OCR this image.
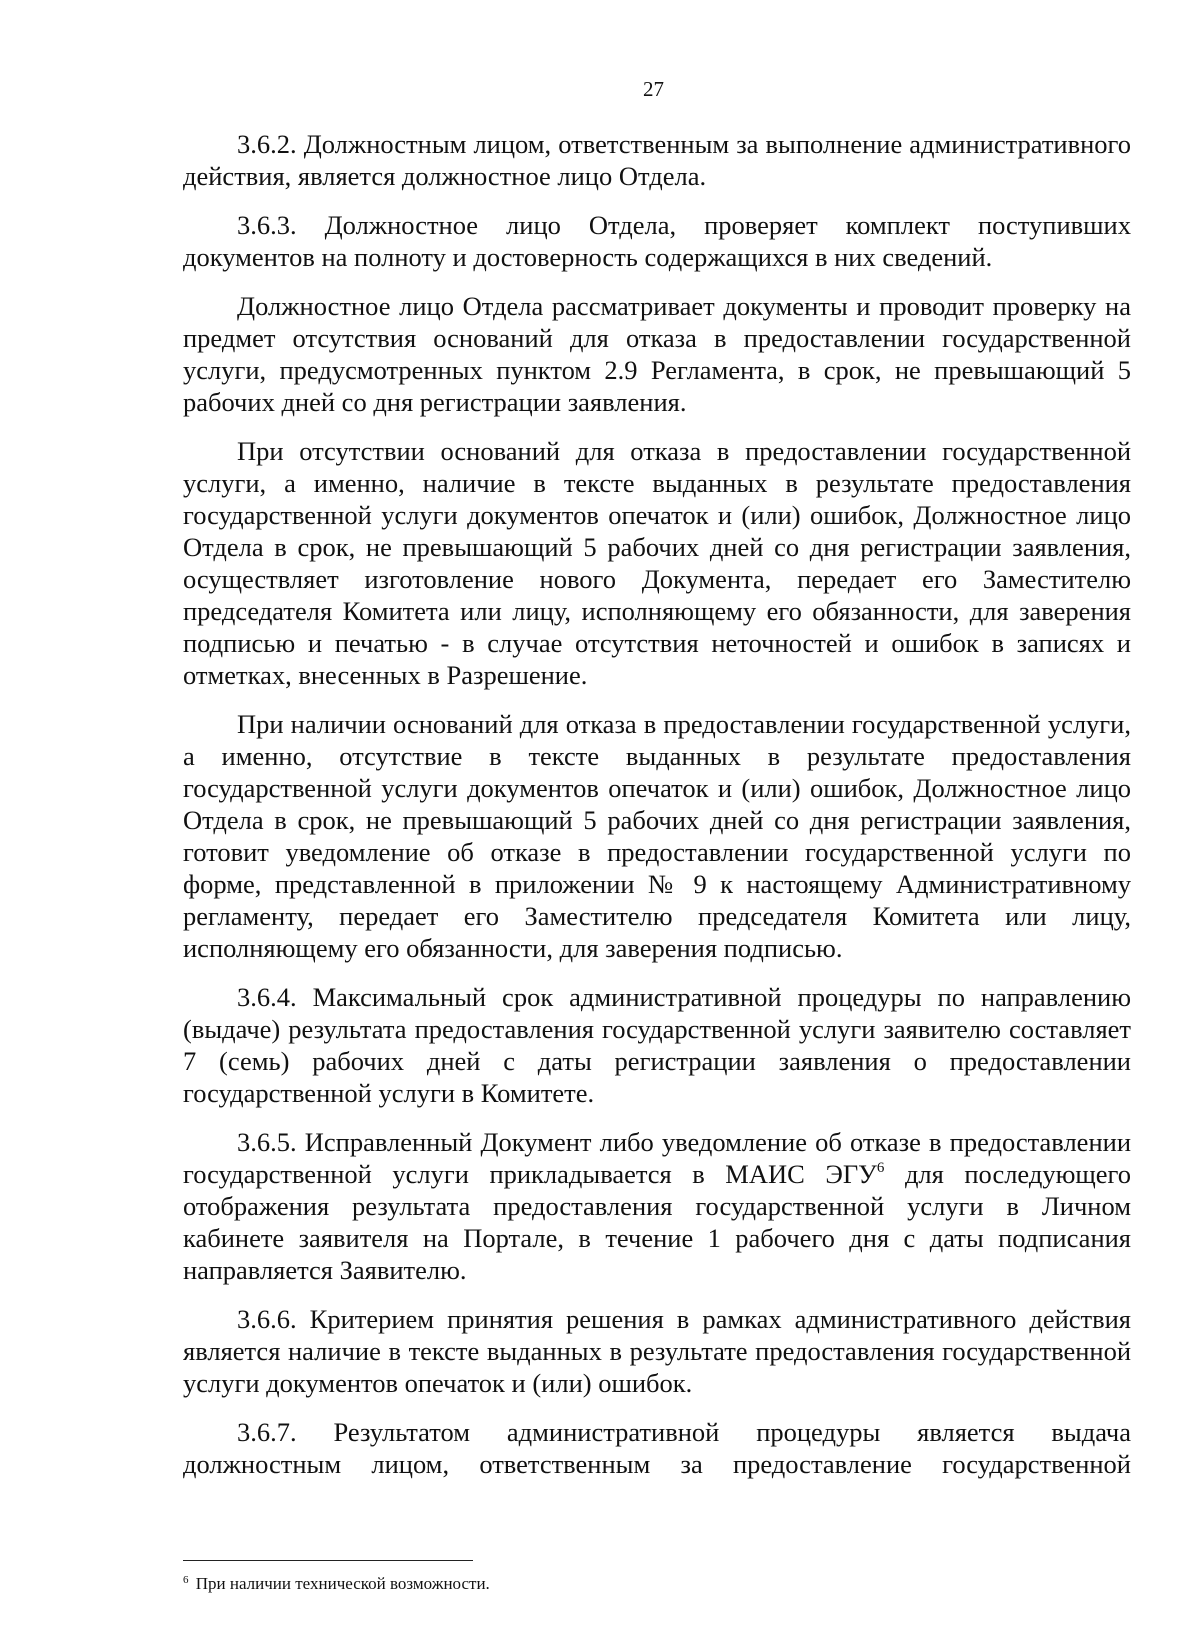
27

3.6.2. Должностным лицом, ответственным за выполнение административного действия, является должностное лицо Отдела.

3.6.3. Должностное лицо Отдела, проверяет комплект поступивших документов на полноту и достоверность содержащихся в них сведений.

Должностное лицо Отдела рассматривает документы и проводит проверку на предмет отсутствия оснований для отказа в предоставлении государственной услуги, предусмотренных пунктом 2.9 Регламента, в срок, не превышающий 5 рабочих дней со дня регистрации заявления.

При отсутствии оснований для отказа в предоставлении государственной услуги, а именно, наличие в тексте выданных в результате предоставления государственной услуги документов опечаток и (или) ошибок, Должностное лицо Отдела в срок, не превышающий 5 рабочих дней со дня регистрации заявления, осуществляет изготовление нового Документа, передает его Заместителю председателя Комитета или лицу, исполняющему его обязанности, для заверения подписью и печатью - в случае отсутствия неточностей и ошибок в записях и отметках, внесенных в Разрешение.

При наличии оснований для отказа в предоставлении государственной услуги, а именно, отсутствие в тексте выданных в результате предоставления государственной услуги документов опечаток и (или) ошибок, Должностное лицо Отдела в срок, не превышающий 5 рабочих дней со дня регистрации заявления, готовит уведомление об отказе в предоставлении государственной услуги по форме, представленной в приложении № 9 к настоящему Административному регламенту, передает его Заместителю председателя Комитета или лицу, исполняющему его обязанности, для заверения подписью.

3.6.4. Максимальный срок административной процедуры по направлению (выдаче) результата предоставления государственной услуги заявителю составляет 7 (семь) рабочих дней с даты регистрации заявления о предоставлении государственной услуги в Комитете.

3.6.5. Исправленный Документ либо уведомление об отказе в предоставлении государственной услуги прикладывается в МАИС ЭГУ$^6$ для последующего отображения результата предоставления государственной услуги в Личном кабинете заявителя на Портале, в течение 1 рабочего дня с даты подписания направляется Заявителю.

3.6.6. Критерием принятия решения в рамках административного действия является наличие в тексте выданных в результате предоставления государственной услуги документов опечаток и (или) ошибок.

3.6.7. Результатом административной процедуры является выдача должностным лицом, ответственным за предоставление государственной

$^6$ При наличии технической возможности.
